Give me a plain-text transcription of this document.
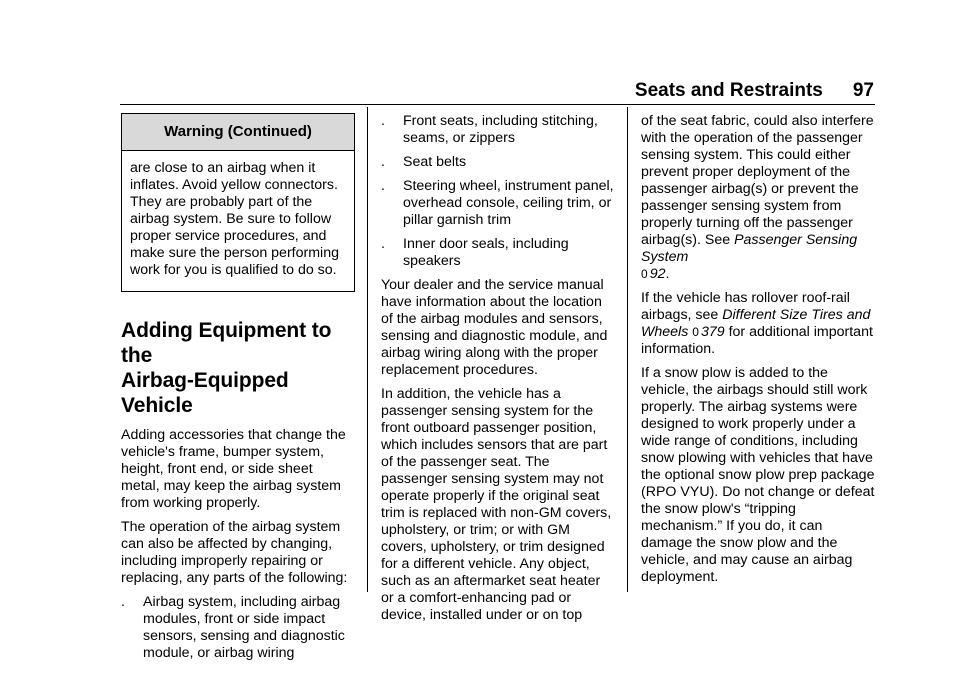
Seats and Restraints 97
Warning (Continued)
are close to an airbag when it inflates. Avoid yellow connectors. They are probably part of the airbag system. Be sure to follow proper service procedures, and make sure the person performing work for you is qualified to do so.
Adding Equipment to the
Airbag-Equipped Vehicle

Adding accessories that change the vehicle's frame, bumper system, height, front end, or side sheet metal, may keep the airbag system from working properly.

The operation of the airbag system can also be affected by changing, including improperly repairing or replacing, any parts of the following:

. Airbag system, including airbag modules, front or side impact sensors, sensing and diagnostic module, or airbag wiring
. Front seats, including stitching, seams, or zippers
. Seat belts
. Steering wheel, instrument panel, overhead console, ceiling trim, or pillar garnish trim
. Inner door seals, including speakers

Your dealer and the service manual have information about the location of the airbag modules and sensors, sensing and diagnostic module, and airbag wiring along with the proper replacement procedures.

In addition, the vehicle has a passenger sensing system for the front outboard passenger position, which includes sensors that are part of the passenger seat. The passenger sensing system may not operate properly if the original seat trim is replaced with non-GM covers, upholstery, or trim; or with GM covers, upholstery, or trim designed for a different vehicle. Any object, such as an aftermarket seat heater or a comfort-enhancing pad or device, installed under or on top

of the seat fabric, could also interfere with the operation of the passenger sensing system. This could either prevent proper deployment of the passenger airbag(s) or prevent the passenger sensing system from properly turning off the passenger airbag(s). See Passenger Sensing System
0 92.

If the vehicle has rollover roof-rail airbags, see Different Size Tires and Wheels 0 379 for additional important information.

If a snow plow is added to the vehicle, the airbags should still work properly. The airbag systems were designed to work properly under a wide range of conditions, including snow plowing with vehicles that have the optional snow plow prep package (RPO VYU). Do not change or defeat the snow plow's “tripping mechanism.” If you do, it can damage the snow plow and the vehicle, and may cause an airbag deployment.
